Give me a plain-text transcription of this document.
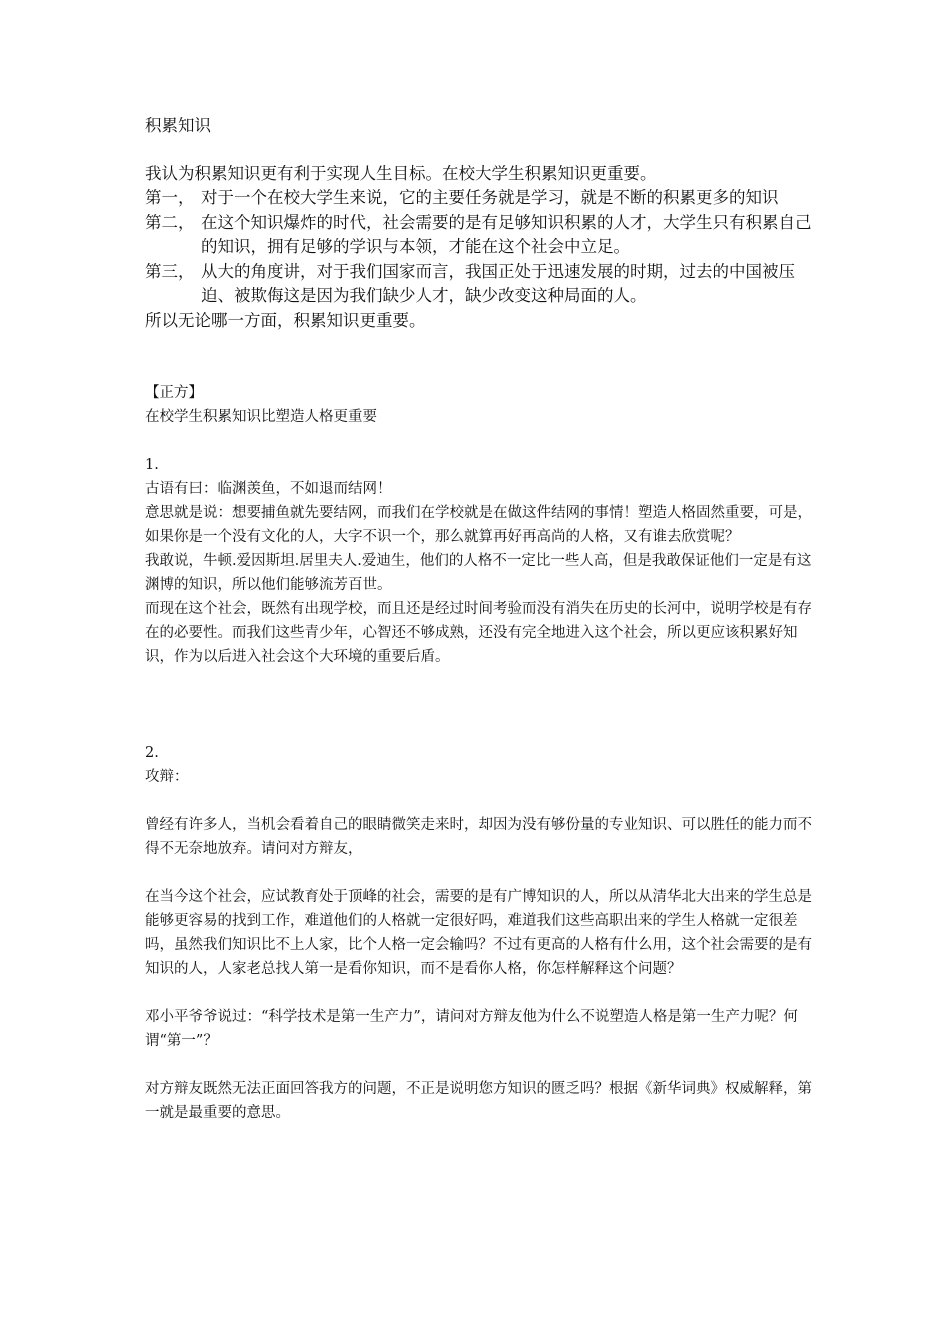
积累知识

我认为积累知识更有利于实现人生目标。在校大学生积累知识更重要。

第一， 对于一个在校大学生来说，它的主要任务就是学习，就是不断的积累更多的知识
第二， 在这个知识爆炸的时代，社会需要的是有足够知识积累的人才，大学生只有积累自己的知识，拥有足够的学识与本领，才能在这个社会中立足。
第三， 从大的角度讲，对于我们国家而言，我国正处于迅速发展的时期，过去的中国被压迫、被欺侮这是因为我们缺少人才，缺少改变这种局面的人。

所以无论哪一方面，积累知识更重要。

【正方】

在校学生积累知识比塑造人格更重要

1.

古语有曰：临渊羡鱼，不如退而结网！

意思就是说：想要捕鱼就先要结网，而我们在学校就是在做这件结网的事情！塑造人格固然重要，可是，如果你是一个没有文化的人，大字不识一个，那么就算再好再高尚的人格，又有谁去欣赏呢？

我敢说，牛顿.爱因斯坦.居里夫人.爱迪生，他们的人格不一定比一些人高，但是我敢保证他们一定是有这渊博的知识，所以他们能够流芳百世。

而现在这个社会，既然有出现学校，而且还是经过时间考验而没有消失在历史的长河中，说明学校是有存在的必要性。而我们这些青少年，心智还不够成熟，还没有完全地进入这个社会，所以更应该积累好知识，作为以后进入社会这个大环境的重要后盾。

2.

攻辩：

曾经有许多人，当机会看着自己的眼睛微笑走来时，却因为没有够份量的专业知识、可以胜任的能力而不得不无奈地放弃。请问对方辩友，

在当今这个社会，应试教育处于顶峰的社会，需要的是有广博知识的人，所以从清华北大出来的学生总是能够更容易的找到工作，难道他们的人格就一定很好吗，难道我们这些高职出来的学生人格就一定很差吗，虽然我们知识比不上人家，比个人格一定会输吗？不过有更高的人格有什么用，这个社会需要的是有知识的人，人家老总找人第一是看你知识，而不是看你人格，你怎样解释这个问题？

邓小平爷爷说过：“科学技术是第一生产力”，请问对方辩友他为什么不说塑造人格是第一生产力呢？何谓“第一”？

对方辩友既然无法正面回答我方的问题，不正是说明您方知识的匮乏吗？根据《新华词典》权威解释，第一就是最重要的意思。
